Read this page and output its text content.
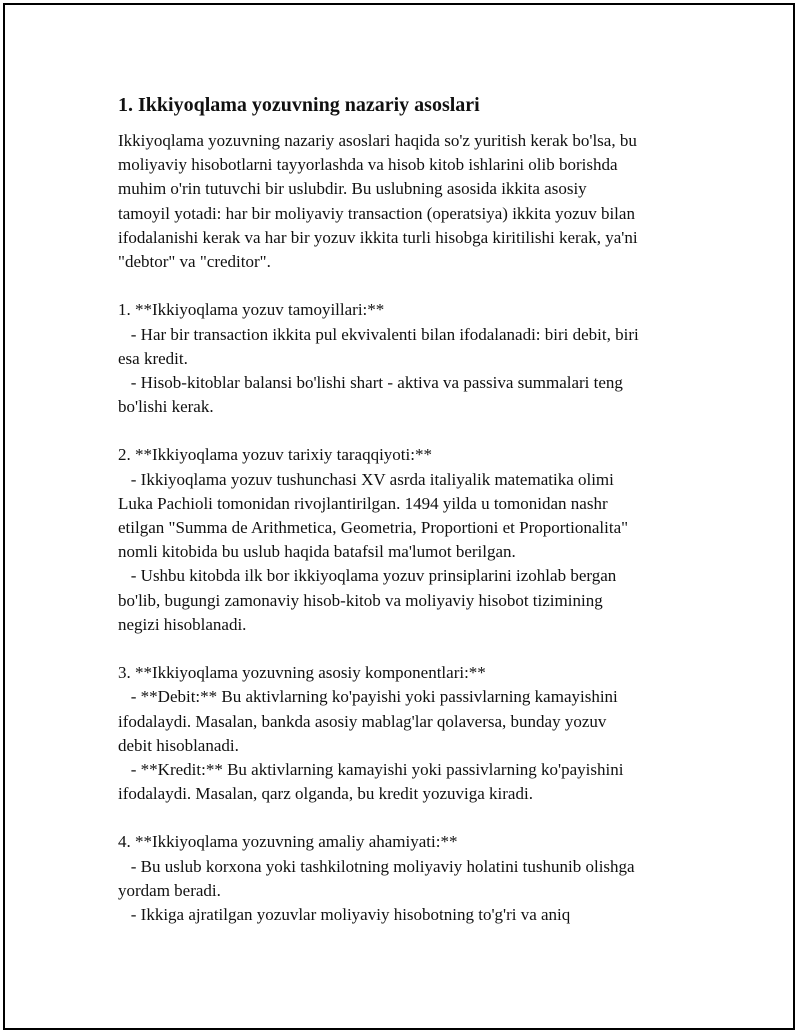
1. Ikkiyoqlama yozuvning nazariy asoslari
Ikkiyoqlama yozuvning nazariy asoslari haqida so'z yuritish kerak bo'lsa, bu
moliyaviy hisobotlarni tayyorlashda va hisob kitob ishlarini olib borishda
muhim o'rin tutuvchi bir uslubdir. Bu uslubning asosida ikkita asosiy
tamoyil yotadi: har bir moliyaviy transaction (operatsiya) ikkita yozuv bilan
ifodalanishi kerak va har bir yozuv ikkita turli hisobga kiritilishi kerak, ya'ni
"debtor" va "creditor".
1. **Ikkiyoqlama yozuv tamoyillari:**
- Har bir transaction ikkita pul ekvivalenti bilan ifodalanadi: biri debit, biri
esa kredit.
- Hisob-kitoblar balansi bo'lishi shart - aktiva va passiva summalari teng
bo'lishi kerak.
2. **Ikkiyoqlama yozuv tarixiy taraqqiyoti:**
- Ikkiyoqlama yozuv tushunchasi XV asrda italiyalik matematika olimi
Luka Pachioli tomonidan rivojlantirilgan. 1494 yilda u tomonidan nashr
etilgan "Summa de Arithmetica, Geometria, Proportioni et Proportionalita"
nomli kitobida bu uslub haqida batafsil ma'lumot berilgan.
- Ushbu kitobda ilk bor ikkiyoqlama yozuv prinsiplarini izohlab bergan
bo'lib, bugungi zamonaviy hisob-kitob va moliyaviy hisobot tizimining
negizi hisoblanadi.
3. **Ikkiyoqlama yozuvning asosiy komponentlari:**
- **Debit:** Bu aktivlarning ko'payishi yoki passivlarning kamayishini
ifodalaydi. Masalan, bankda asosiy mablag'lar qolaversa, bunday yozuv
debit hisoblanadi.
- **Kredit:** Bu aktivlarning kamayishi yoki passivlarning ko'payishini
ifodalaydi. Masalan, qarz olganda, bu kredit yozuviga kiradi.
4. **Ikkiyoqlama yozuvning amaliy ahamiyati:**
- Bu uslub korxona yoki tashkilotning moliyaviy holatini tushunib olishga
yordam beradi.
- Ikkiga ajratilgan yozuvlar moliyaviy hisobotning to'g'ri va aniq
